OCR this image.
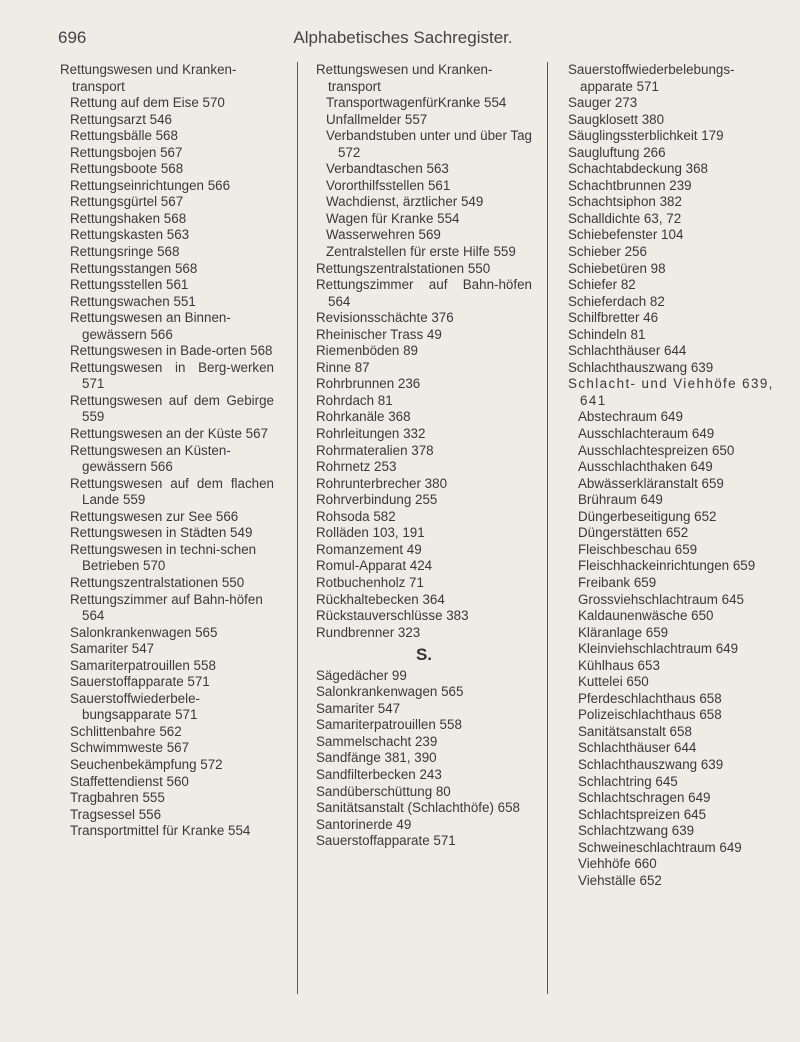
696	Alphabetisches Sachregister.
Rettungswesen und Kranken-transport
Rettung auf dem Eise 570
Rettungsarzt 546
Rettungsbälle 568
Rettungsbojen 567
Rettungsboote 568
Rettungseinrichtungen 566
Rettungsgürtel 567
Rettungshaken 568
Rettungskasten 563
Rettungsringe 568
Rettungsstangen 568
Rettungsstellen 561
Rettungswachen 551
Rettungswesen an Binnen-gewässern 566
Rettungswesen in Bade-orten 568
Rettungswesen in Berg-werken 571
Rettungswesen auf dem Gebirge 559
Rettungswesen an der Küste 567
Rettungswesen an Küsten-gewässern 566
Rettungswesen auf dem flachen Lande 559
Rettungswesen zur See 566
Rettungswesen in Städten 549
Rettungswesen in techni-schen Betrieben 570
Rettungszentralstationen 550
Rettungszimmer auf Bahn-höfen 564
Salonkrankenwagen 565
Samariter 547
Samariterpatrouillen 558
Sauerstoffapparate 571
Sauerstoffwiederbele-bungsapparate 571
Schlittenbahre 562
Schwimmweste 567
Seuchenbekämpfung 572
Staffettendienst 560
Tragbahren 555
Tragsessel 556
Transportmittel für Kranke 554
Rettungswesen und Kranken-transport
TransportwagenfürKranke 554
Unfallmelder 557
Verbandstuben unter und über Tag 572
Verbandtaschen 563
Vororthilfsstellen 561
Wachdienst, ärztlicher 549
Wagen für Kranke 554
Wasserwehren 569
Zentralstellen für erste Hilfe 559
Rettungszentralstationen 550
Rettungszimmer auf Bahn-höfen 564
Revisionsschächte 376
Rheinischer Trass 49
Riemenböden 89
Rinne 87
Rohrbrunnen 236
Rohrdach 81
Rohrkanäle 368
Rohrleitungen 332
Rohrmateralien 378
Rohrnetz 253
Rohrunterbrecher 380
Rohrverbindung 255
Rohsoda 582
Rolläden 103, 191
Romanzement 49
Romul-Apparat 424
Rotbuchenholz 71
Rückhaltebecken 364
Rückstauverschlüsse 383
Rundbrenner 323
S.
Sägedächer 99
Salonkrankenwagen 565
Samariter 547
Samariterpatrouillen 558
Sammelschacht 239
Sandfänge 381, 390
Sandfilterbecken 243
Sandüberschüttung 80
Sanitätsanstalt (Schlachthöfe) 658
Santorinerde 49
Sauerstoffapparate 571
Sauerstoffwiederbelebungs-apparate 571
Sauger 273
Saugklosett 380
Säuglingssterblichkeit 179
Saugluftung 266
Schachtabdeckung 368
Schachtbrunnen 239
Schachtsiphon 382
Schalldichte 63, 72
Schiebefenster 104
Schieber 256
Schiebetüren 98
Schiefer 82
Schieferdach 82
Schilfbretter 46
Schindeln 81
Schlachthäuser 644
Schlachthauszwang 639
Schlacht- und Viehhöfe 639, 641
Abstechraum 649
Ausschlachteraum 649
Ausschlachtespreizen 650
Ausschlachthaken 649
Abwässerkläranstalt 659
Brühraum 649
Düngerbeseitigung 652
Düngerstätten 652
Fleischbeschau 659
Fleischhackeinrichtungen 659
Freibank 659
Grossviehschlachtraum 645
Kaldaunenwäsche 650
Kläranlage 659
Kleinviehschlachtraum 649
Kühlhaus 653
Kuttelei 650
Pferdeschlachthaus 658
Polizeischlachthaus 658
Sanitätsanstalt 658
Schlachthäuser 644
Schlachthauszwang 639
Schlachtring 645
Schlachtschragen 649
Schlachtspreizen 645
Schlachtzwang 639
Schweineschlachtraum 649
Viehhöfe 660
Viehställe 652
